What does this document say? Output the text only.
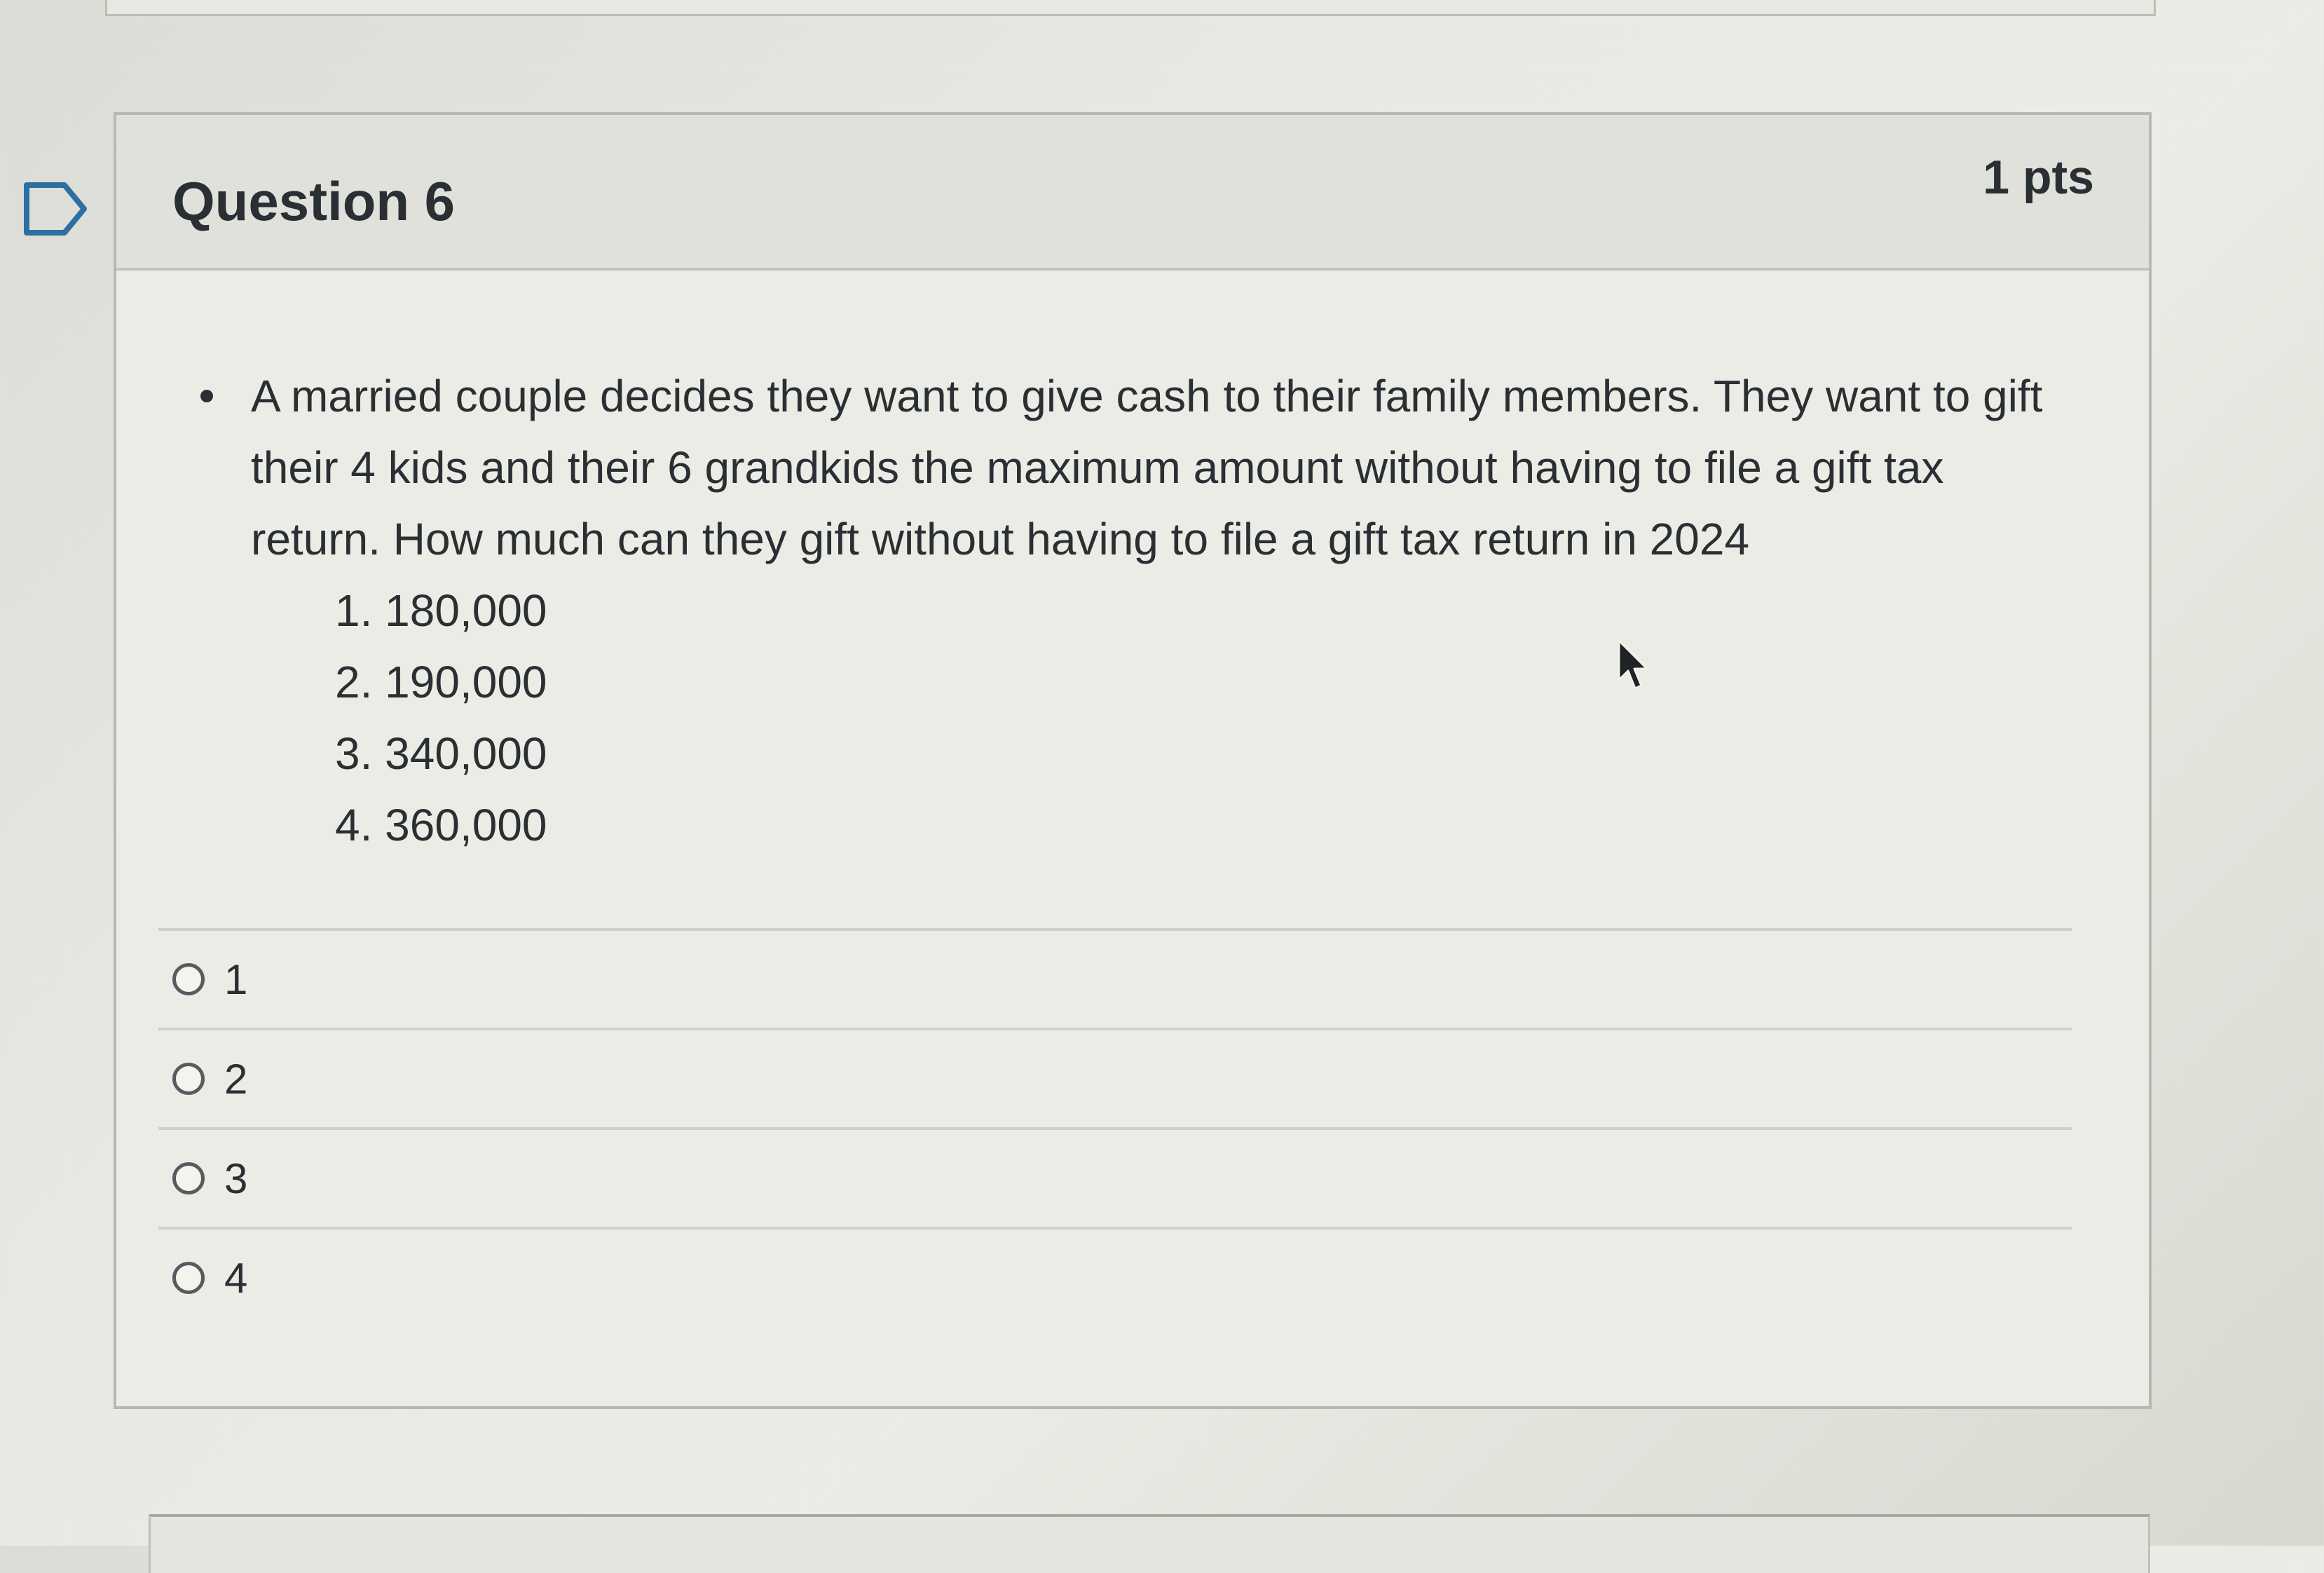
Question 6	1 pts
A married couple decides they want to give cash to their family members. They want to gift their 4 kids and their 6 grandkids the maximum amount without having to file a gift tax return. How much can they gift without having to file a gift tax return in 2024
1. 180,000
2. 190,000
3. 340,000
4. 360,000
1
2
3
4
